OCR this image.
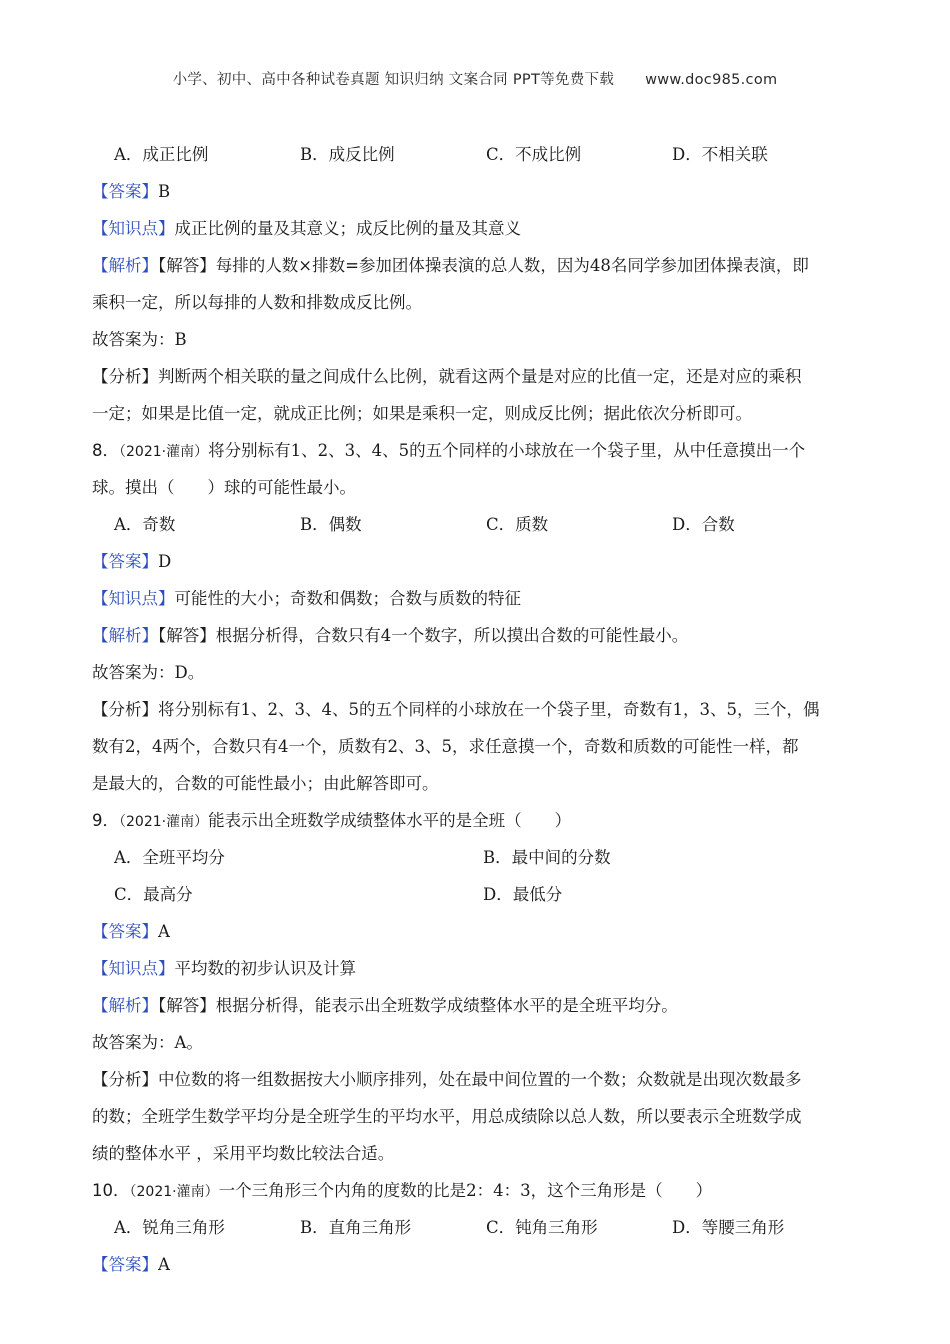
小学、初中、高中各种试卷真题 知识归纳 文案合同 PPT等免费下载 www.doc985.com
A．成正比例	B．成反比例	C．不成比例	D．不相关联
【答案】B
【知识点】成正比例的量及其意义；成反比例的量及其意义
【解析】【解答】每排的人数×排数=参加团体操表演的总人数，因为48名同学参加团体操表演，即
乘积一定，所以每排的人数和排数成反比例。
故答案为：B
【分析】判断两个相关联的量之间成什么比例，就看这两个量是对应的比值一定，还是对应的乘积
一定；如果是比值一定，就成正比例；如果是乘积一定，则成反比例；据此依次分析即可。
8．（2021·灌南）将分别标有1、2、3、4、5的五个同样的小球放在一个袋子里，从中任意摸出一个
球。摸出（　　）球的可能性最小。
A．奇数	B．偶数	C．质数	D．合数
【答案】D
【知识点】可能性的大小；奇数和偶数；合数与质数的特征
【解析】【解答】根据分析得，合数只有4一个数字，所以摸出合数的可能性最小。
故答案为：D。
【分析】将分别标有1、2、3、4、5的五个同样的小球放在一个袋子里，奇数有1，3、5，三个，偶
数有2，4两个，合数只有4一个，质数有2、3、5，求任意摸一个，奇数和质数的可能性一样，都
是最大的，合数的可能性最小；由此解答即可。
9．（2021·灌南）能表示出全班数学成绩整体水平的是全班（　　）
A．全班平均分	B．最中间的分数
C．最高分	D．最低分
【答案】A
【知识点】平均数的初步认识及计算
【解析】【解答】根据分析得，能表示出全班数学成绩整体水平的是全班平均分。
故答案为：A。
【分析】中位数的将一组数据按大小顺序排列，处在最中间位置的一个数；众数就是出现次数最多
的数；全班学生数学平均分是全班学生的平均水平，用总成绩除以总人数，所以要表示全班数学成
绩的整体水平 ，采用平均数比较法合适。
10．（2021·灌南）一个三角形三个内角的度数的比是2：4：3，这个三角形是（　　）
A．锐角三角形	B．直角三角形	C．钝角三角形	D．等腰三角形
【答案】A
